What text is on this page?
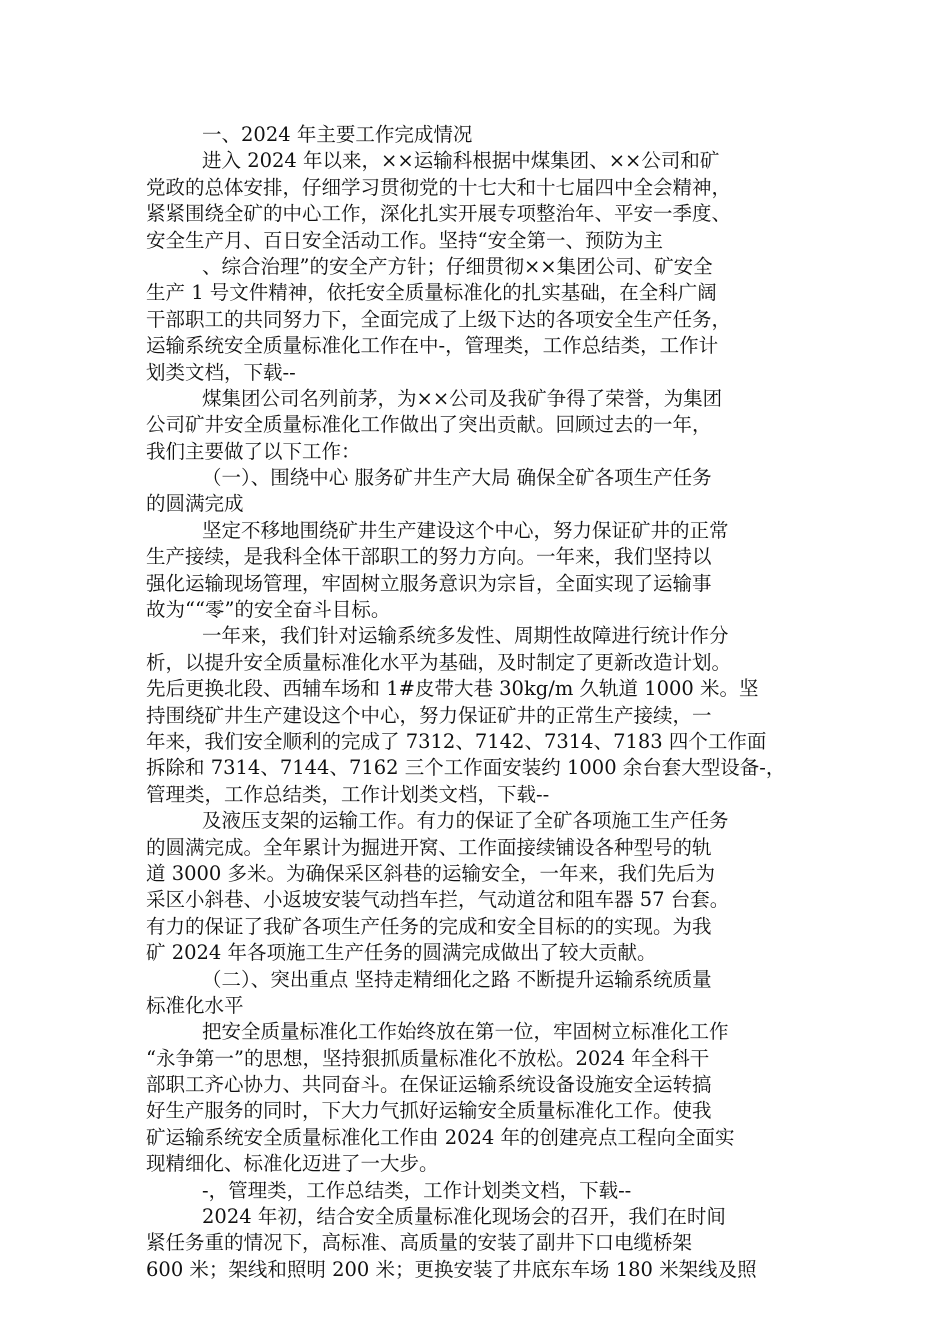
一、2024 年主要工作完成情况
进入 2024 年以来，××运输科根据中煤集团、××公司和矿
党政的总体安排，仔细学习贯彻党的十七大和十七届四中全会精神，
紧紧围绕全矿的中心工作，深化扎实开展专项整治年、平安一季度、
安全生产月、百日安全活动工作。坚持“安全第一、预防为主
、综合治理”的安全产方针；仔细贯彻××集团公司、矿安全
生产 1 号文件精神，依托安全质量标准化的扎实基础，在全科广阔
干部职工的共同努力下，全面完成了上级下达的各项安全生产任务，
运输系统安全质量标准化工作在中-，管理类，工作总结类，工作计
划类文档，下载--
煤集团公司名列前茅，为××公司及我矿争得了荣誉，为集团
公司矿井安全质量标准化工作做出了突出贡献。回顾过去的一年，
我们主要做了以下工作：
（一）、围绕中心 服务矿井生产大局 确保全矿各项生产任务
的圆满完成
坚定不移地围绕矿井生产建设这个中心，努力保证矿井的正常
生产接续，是我科全体干部职工的努力方向。一年来，我们坚持以
强化运输现场管理，牢固树立服务意识为宗旨，全面实现了运输事
故为““零”的安全奋斗目标。
一年来，我们针对运输系统多发性、周期性故障进行统计作分
析，以提升安全质量标准化水平为基础，及时制定了更新改造计划。
先后更换北段、西辅车场和 1#皮带大巷 30kg/m 久轨道 1000 米。坚
持围绕矿井生产建设这个中心，努力保证矿井的正常生产接续，一
年来，我们安全顺利的完成了 7312、7142、7314、7183 四个工作面
拆除和 7314、7144、7162 三个工作面安装约 1000 余台套大型设备-，
管理类，工作总结类，工作计划类文档，下载--
及液压支架的运输工作。有力的保证了全矿各项施工生产任务
的圆满完成。全年累计为掘进开窝、工作面接续铺设各种型号的轨
道 3000 多米。为确保采区斜巷的运输安全，一年来，我们先后为
采区小斜巷、小返坡安装气动挡车拦，气动道岔和阻车器 57 台套。
有力的保证了我矿各项生产任务的完成和安全目标的的实现。为我
矿 2024 年各项施工生产任务的圆满完成做出了较大贡献。
（二）、突出重点 坚持走精细化之路 不断提升运输系统质量
标准化水平
把安全质量标准化工作始终放在第一位，牢固树立标准化工作
“永争第一”的思想，坚持狠抓质量标准化不放松。2024 年全科干
部职工齐心协力、共同奋斗。在保证运输系统设备设施安全运转搞
好生产服务的同时，下大力气抓好运输安全质量标准化工作。使我
矿运输系统安全质量标准化工作由 2024 年的创建亮点工程向全面实
现精细化、标准化迈进了一大步。
-，管理类，工作总结类，工作计划类文档，下载--
2024 年初，结合安全质量标准化现场会的召开，我们在时间
紧任务重的情况下，高标准、高质量的安装了副井下口电缆桥架
600 米；架线和照明 200 米；更换安装了井底东车场 180 米架线及照
